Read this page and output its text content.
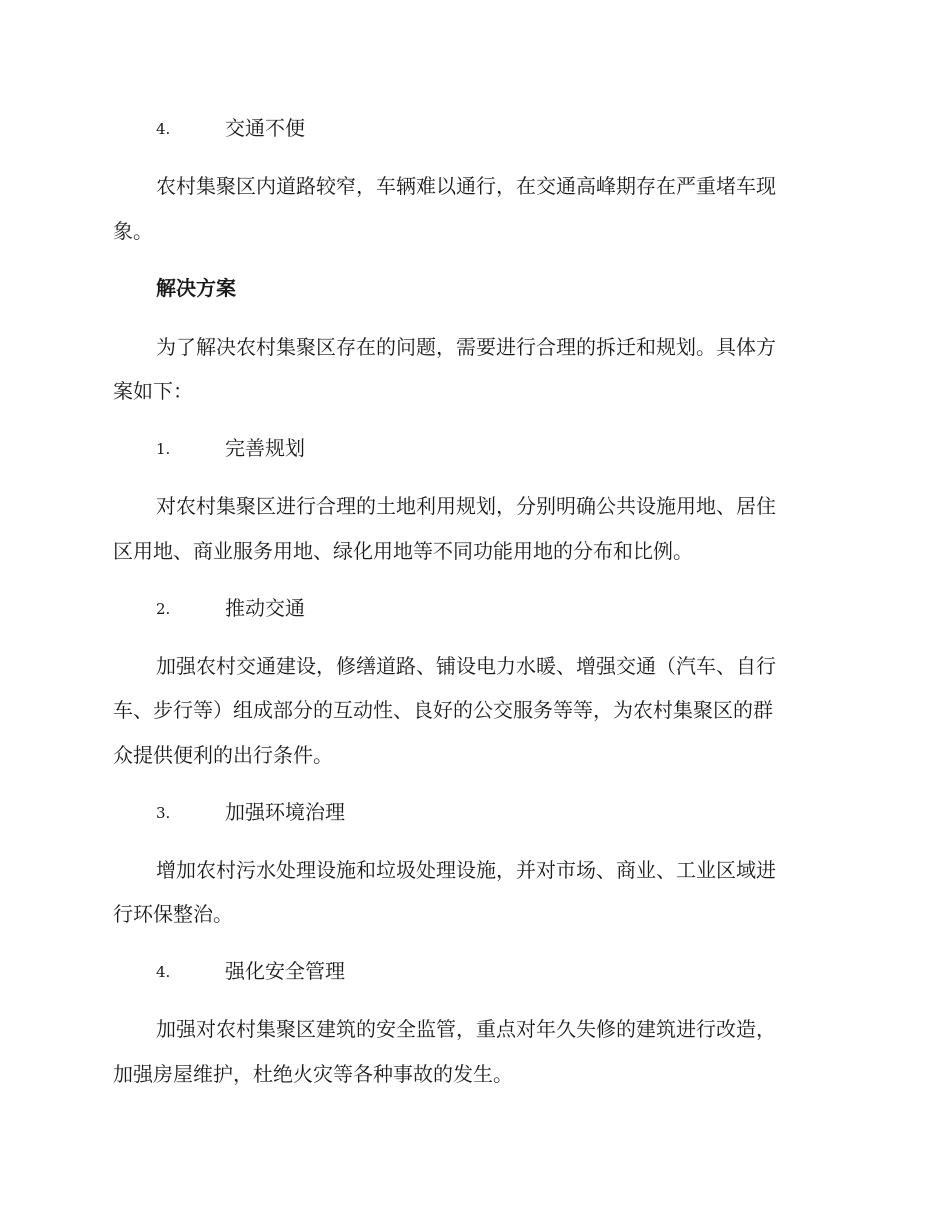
4.	交通不便
农村集聚区内道路较窄，车辆难以通行，在交通高峰期存在严重堵车现
象。
解决方案
为了解决农村集聚区存在的问题，需要进行合理的拆迁和规划。具体方
案如下：
1.	完善规划
对农村集聚区进行合理的土地利用规划，分别明确公共设施用地、居住
区用地、商业服务用地、绿化用地等不同功能用地的分布和比例。
2.	推动交通
加强农村交通建设，修缮道路、铺设电力水暖、增强交通（汽车、自行
车、步行等）组成部分的互动性、良好的公交服务等等，为农村集聚区的群
众提供便利的出行条件。
3.	加强环境治理
增加农村污水处理设施和垃圾处理设施，并对市场、商业、工业区域进
行环保整治。
4.	强化安全管理
加强对农村集聚区建筑的安全监管，重点对年久失修的建筑进行改造，
加强房屋维护，杜绝火灾等各种事故的发生。
